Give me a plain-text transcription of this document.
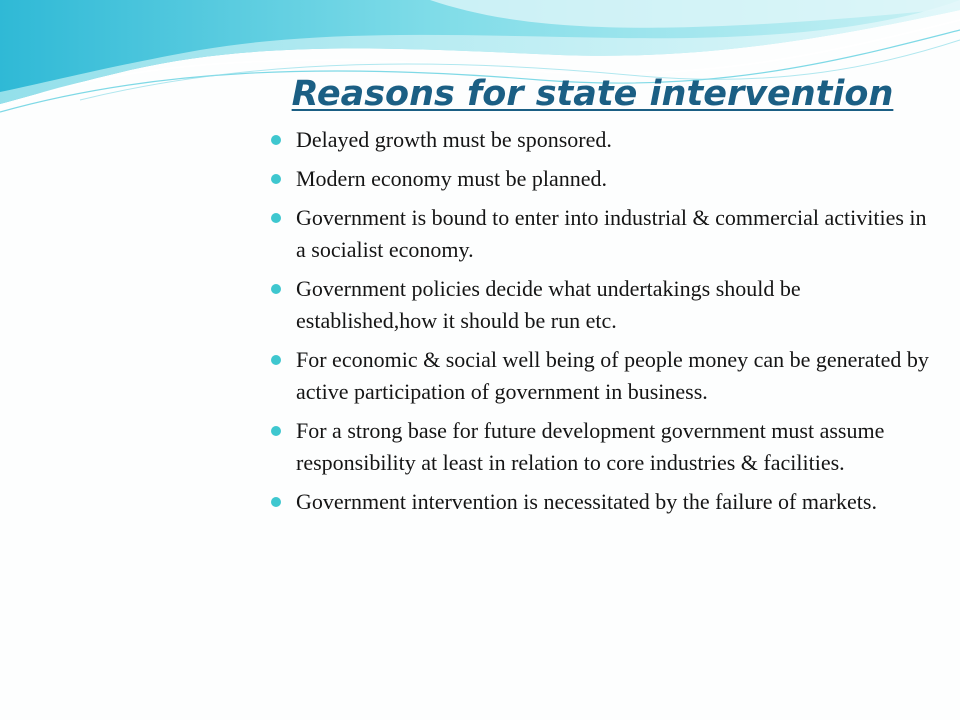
Reasons for state intervention
Delayed growth must be sponsored.
Modern economy must be planned.
Government is bound to enter into industrial & commercial activities in a socialist economy.
Government policies decide what undertakings should be established,how it should be run etc.
For economic & social well being of people money can be generated by active participation of government in business.
For a strong base for future development government must assume responsibility at least in relation to core industries & facilities.
Government intervention is necessitated by the failure of markets.
